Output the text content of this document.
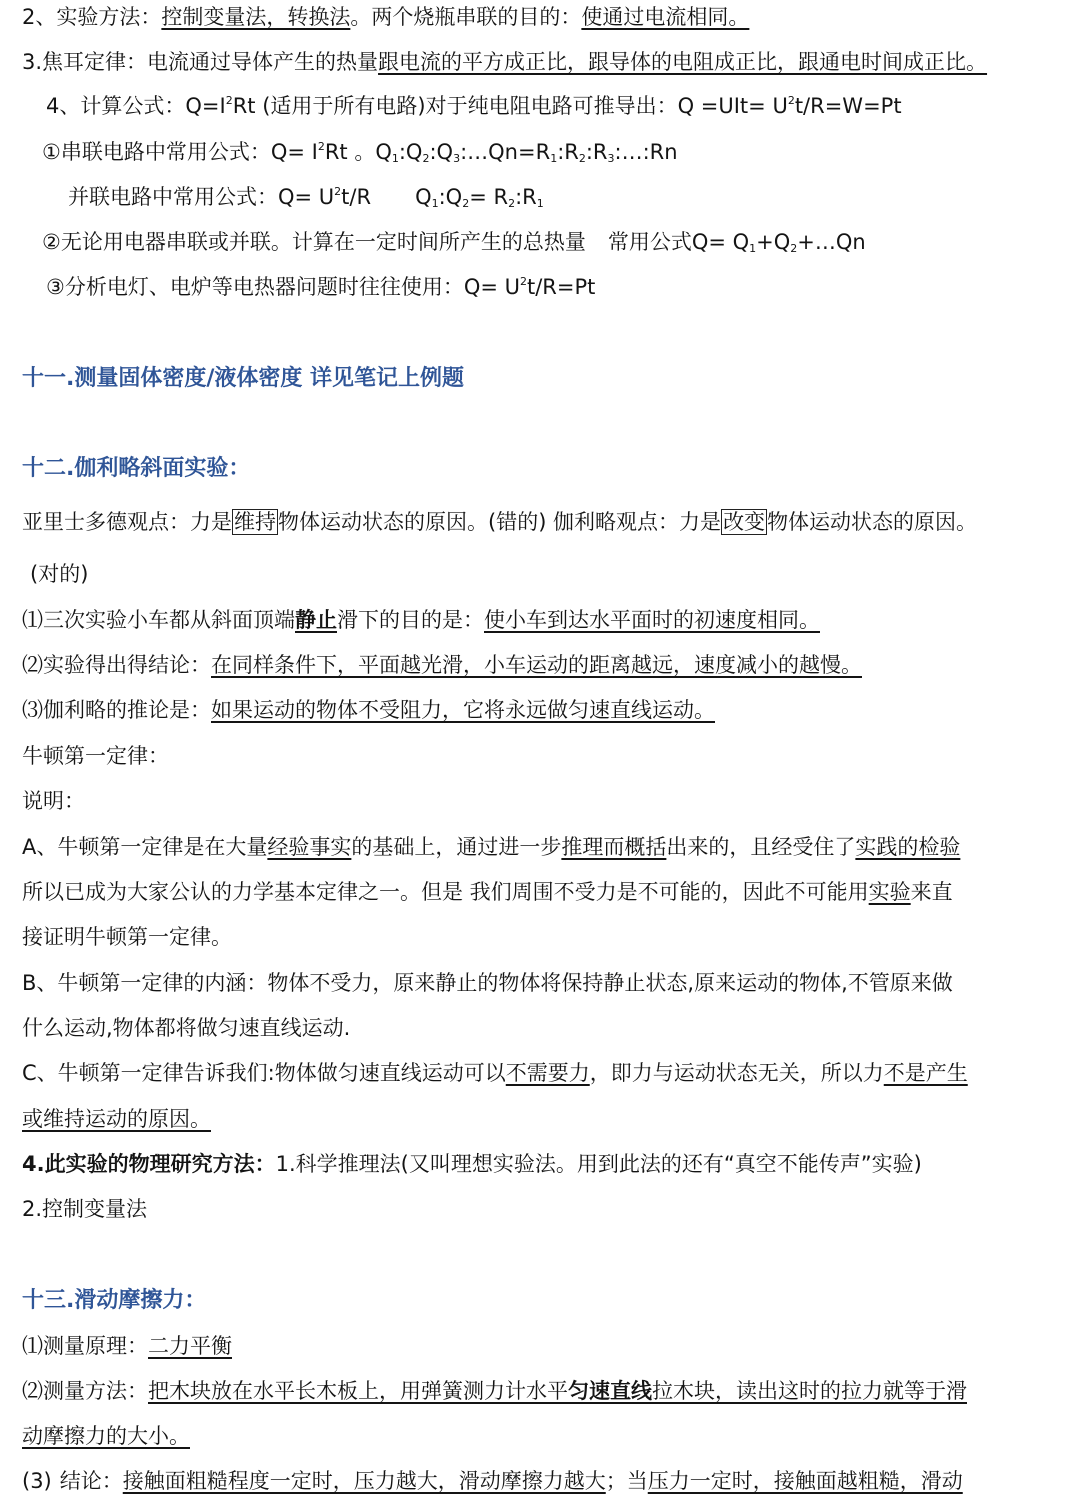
2、实验方法：控制变量法，转换法。两个烧瓶串联的目的：使通过电流相同。
3.焦耳定律：电流通过导体产生的热量跟电流的平方成正比，跟导体的电阻成正比，跟通电时间成正比。
4、计算公式：$Q=I^2Rt$ (适用于所有电路)对于纯电阻电路可推导出：$Q =UIt= U^2t/R=W=Pt$
①串联电路中常用公式：$Q= I^2Rt$ 。$Q_1:Q_2:Q_3:\dots Qn=R_1:R_2:R_3:\dots:Rn$
并联电路中常用公式：$Q= U^2t/R$ $Q_1:Q_2=$ $R_2:R_1$
②无论用电器串联或并联。计算在一定时间所产生的总热量 常用公式$Q= Q_1+Q_2+\dots Qn$
③分析电灯、电炉等电热器问题时往往使用：$Q= U^2t/R=Pt$
十一.测量固体密度/液体密度 详见笔记上例题
十二.伽利略斜面实验：
亚里士多德观点：力是维持物体运动状态的原因。(错的) 伽利略观点：力是改变物体运动状态的原因。
(对的)
⑴三次实验小车都从斜面顶端静止滑下的目的是：使小车到达水平面时的初速度相同。
⑵实验得出得结论：在同样条件下，平面越光滑，小车运动的距离越远，速度减小的越慢。
⑶伽利略的推论是：如果运动的物体不受阻力，它将永远做匀速直线运动。
牛顿第一定律：
说明：
A、牛顿第一定律是在大量经验事实的基础上，通过进一步推理而概括出来的，且经受住了实践的检验
所以已成为大家公认的力学基本定律之一。但是 我们周围不受力是不可能的，因此不可能用实验来直
接证明牛顿第一定律。
B、牛顿第一定律的内涵：物体不受力，原来静止的物体将保持静止状态,原来运动的物体,不管原来做
什么运动,物体都将做匀速直线运动.
C、牛顿第一定律告诉我们:物体做匀速直线运动可以不需要力，即力与运动状态无关，所以力不是产生
或维持运动的原因。
4.此实验的物理研究方法：1.科学推理法(又叫理想实验法。用到此法的还有“真空不能传声”实验)
2.控制变量法
十三.滑动摩擦力：
⑴测量原理：二力平衡
⑵测量方法：把木块放在水平长木板上，用弹簧测力计水平匀速直线拉木块，读出这时的拉力就等于滑
动摩擦力的大小。
(3) 结论：接触面粗糙程度一定时，压力越大，滑动摩擦力越大；当压力一定时，接触面越粗糙，滑动
